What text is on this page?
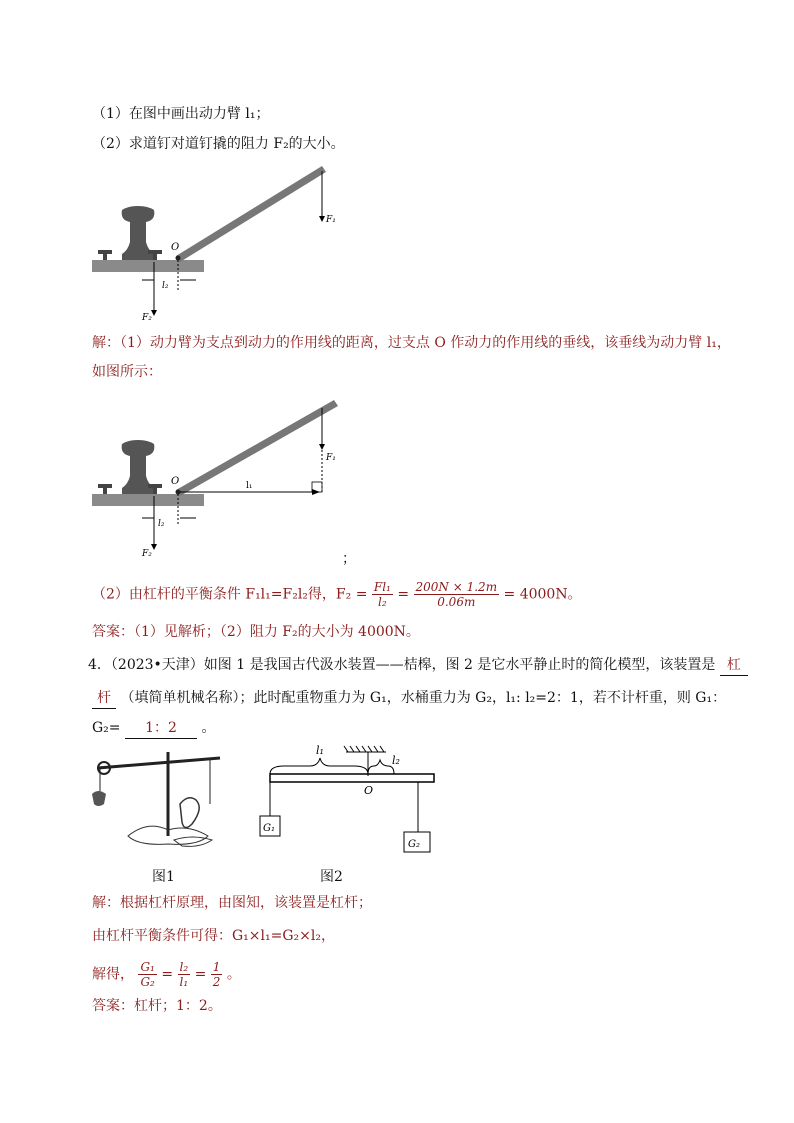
（1）在图中画出动力臂 l₁；
（2）求道钉对道钉撬的阻力 F₂的大小。
F₁
O
F₂
l₂
解：（1）动力臂为支点到动力的作用线的距离，过支点 O 作动力的作用线的垂线，该垂线为动力臂 l₁，
如图所示：
F₁
l₁
O
F₂
l₂
；
（2）由杠杆的平衡条件 F₁l₁=F₂l₂得，$F_2 = \frac{\text{Fl₁}}{\text{l₂}} = \frac{200N \times 1.2m}{0.06m} = 4000N$。
答案：（1）见解析；（2）阻力 F₂的大小为 4000N。
4．（2023•天津）如图 1 是我国古代汲水装置——桔槔，图 2 是它水平静止时的简化模型，该装置是 杠
杆 （填简单机械名称）；此时配重物重力为 G₁，水桶重力为 G₂，l₁: l₂=2：1，若不计杆重，则 G₁：
G₂= 1：2 。
l₁
l₂
O
G₁
G₂
图1	图2
解：根据杠杆原理，由图知，该装置是杠杆；
由杠杆平衡条件可得：G₁×l₁=G₂×l₂，
解得， $\frac{\text{G₁}}{\text{G₂}} = \frac{\text{l₂}}{\text{l₁}} = \frac{1}{2}$ 。
答案：杠杆；1：2。
